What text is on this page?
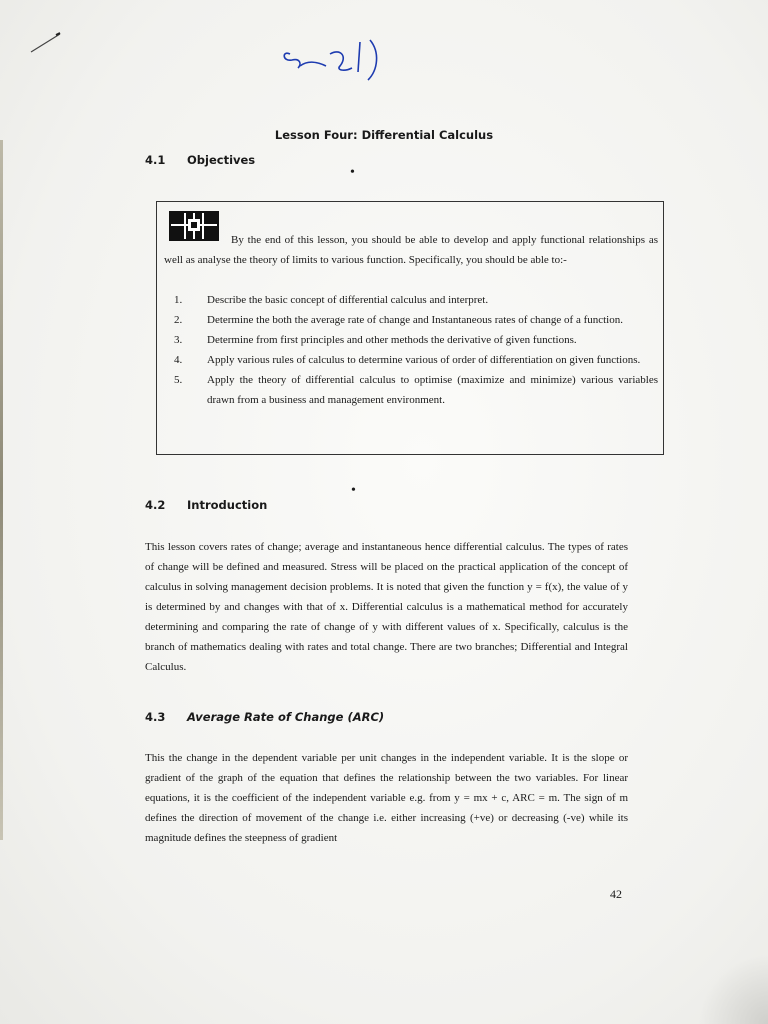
Lesson Four: Differential Calculus
4.1 Objectives
•

By the end of this lesson, you should be able to develop and apply functional relationships as well as analyse the theory of limits to various function. Specifically, you should be able to:-

1.	Describe the basic concept of differential calculus and interpret.
2.	Determine the both the average rate of change and Instantaneous rates of change of a function.
3.	Determine from first principles and other methods the derivative of given functions.
4.	Apply various rules of calculus to determine various of order of differentiation on given functions.
5.	Apply the theory of differential calculus to optimise (maximize and minimize) various variables drawn from a business and management environment.
•
4.2 Introduction

This lesson covers rates of change; average and instantaneous hence differential calculus. The types of rates of change will be defined and measured. Stress will be placed on the practical application of the concept of calculus in solving management decision problems. It is noted that given the function y = f(x), the value of y is determined by and changes with that of x. Differential calculus is a mathematical method for accurately determining and comparing the rate of change of y with different values of x. Specifically, calculus is the branch of mathematics dealing with rates and total change. There are two branches; Differential and Integral Calculus.

4.3 Average Rate of Change (ARC)

This the change in the dependent variable per unit changes in the independent variable. It is the slope or gradient of the graph of the equation that defines the relationship between the two variables. For linear equations, it is the coefficient of the independent variable e.g. from y = mx + c, ARC = m. The sign of m defines the direction of movement of the change i.e. either increasing (+ve) or decreasing (-ve) while its magnitude defines the steepness of gradient

42
